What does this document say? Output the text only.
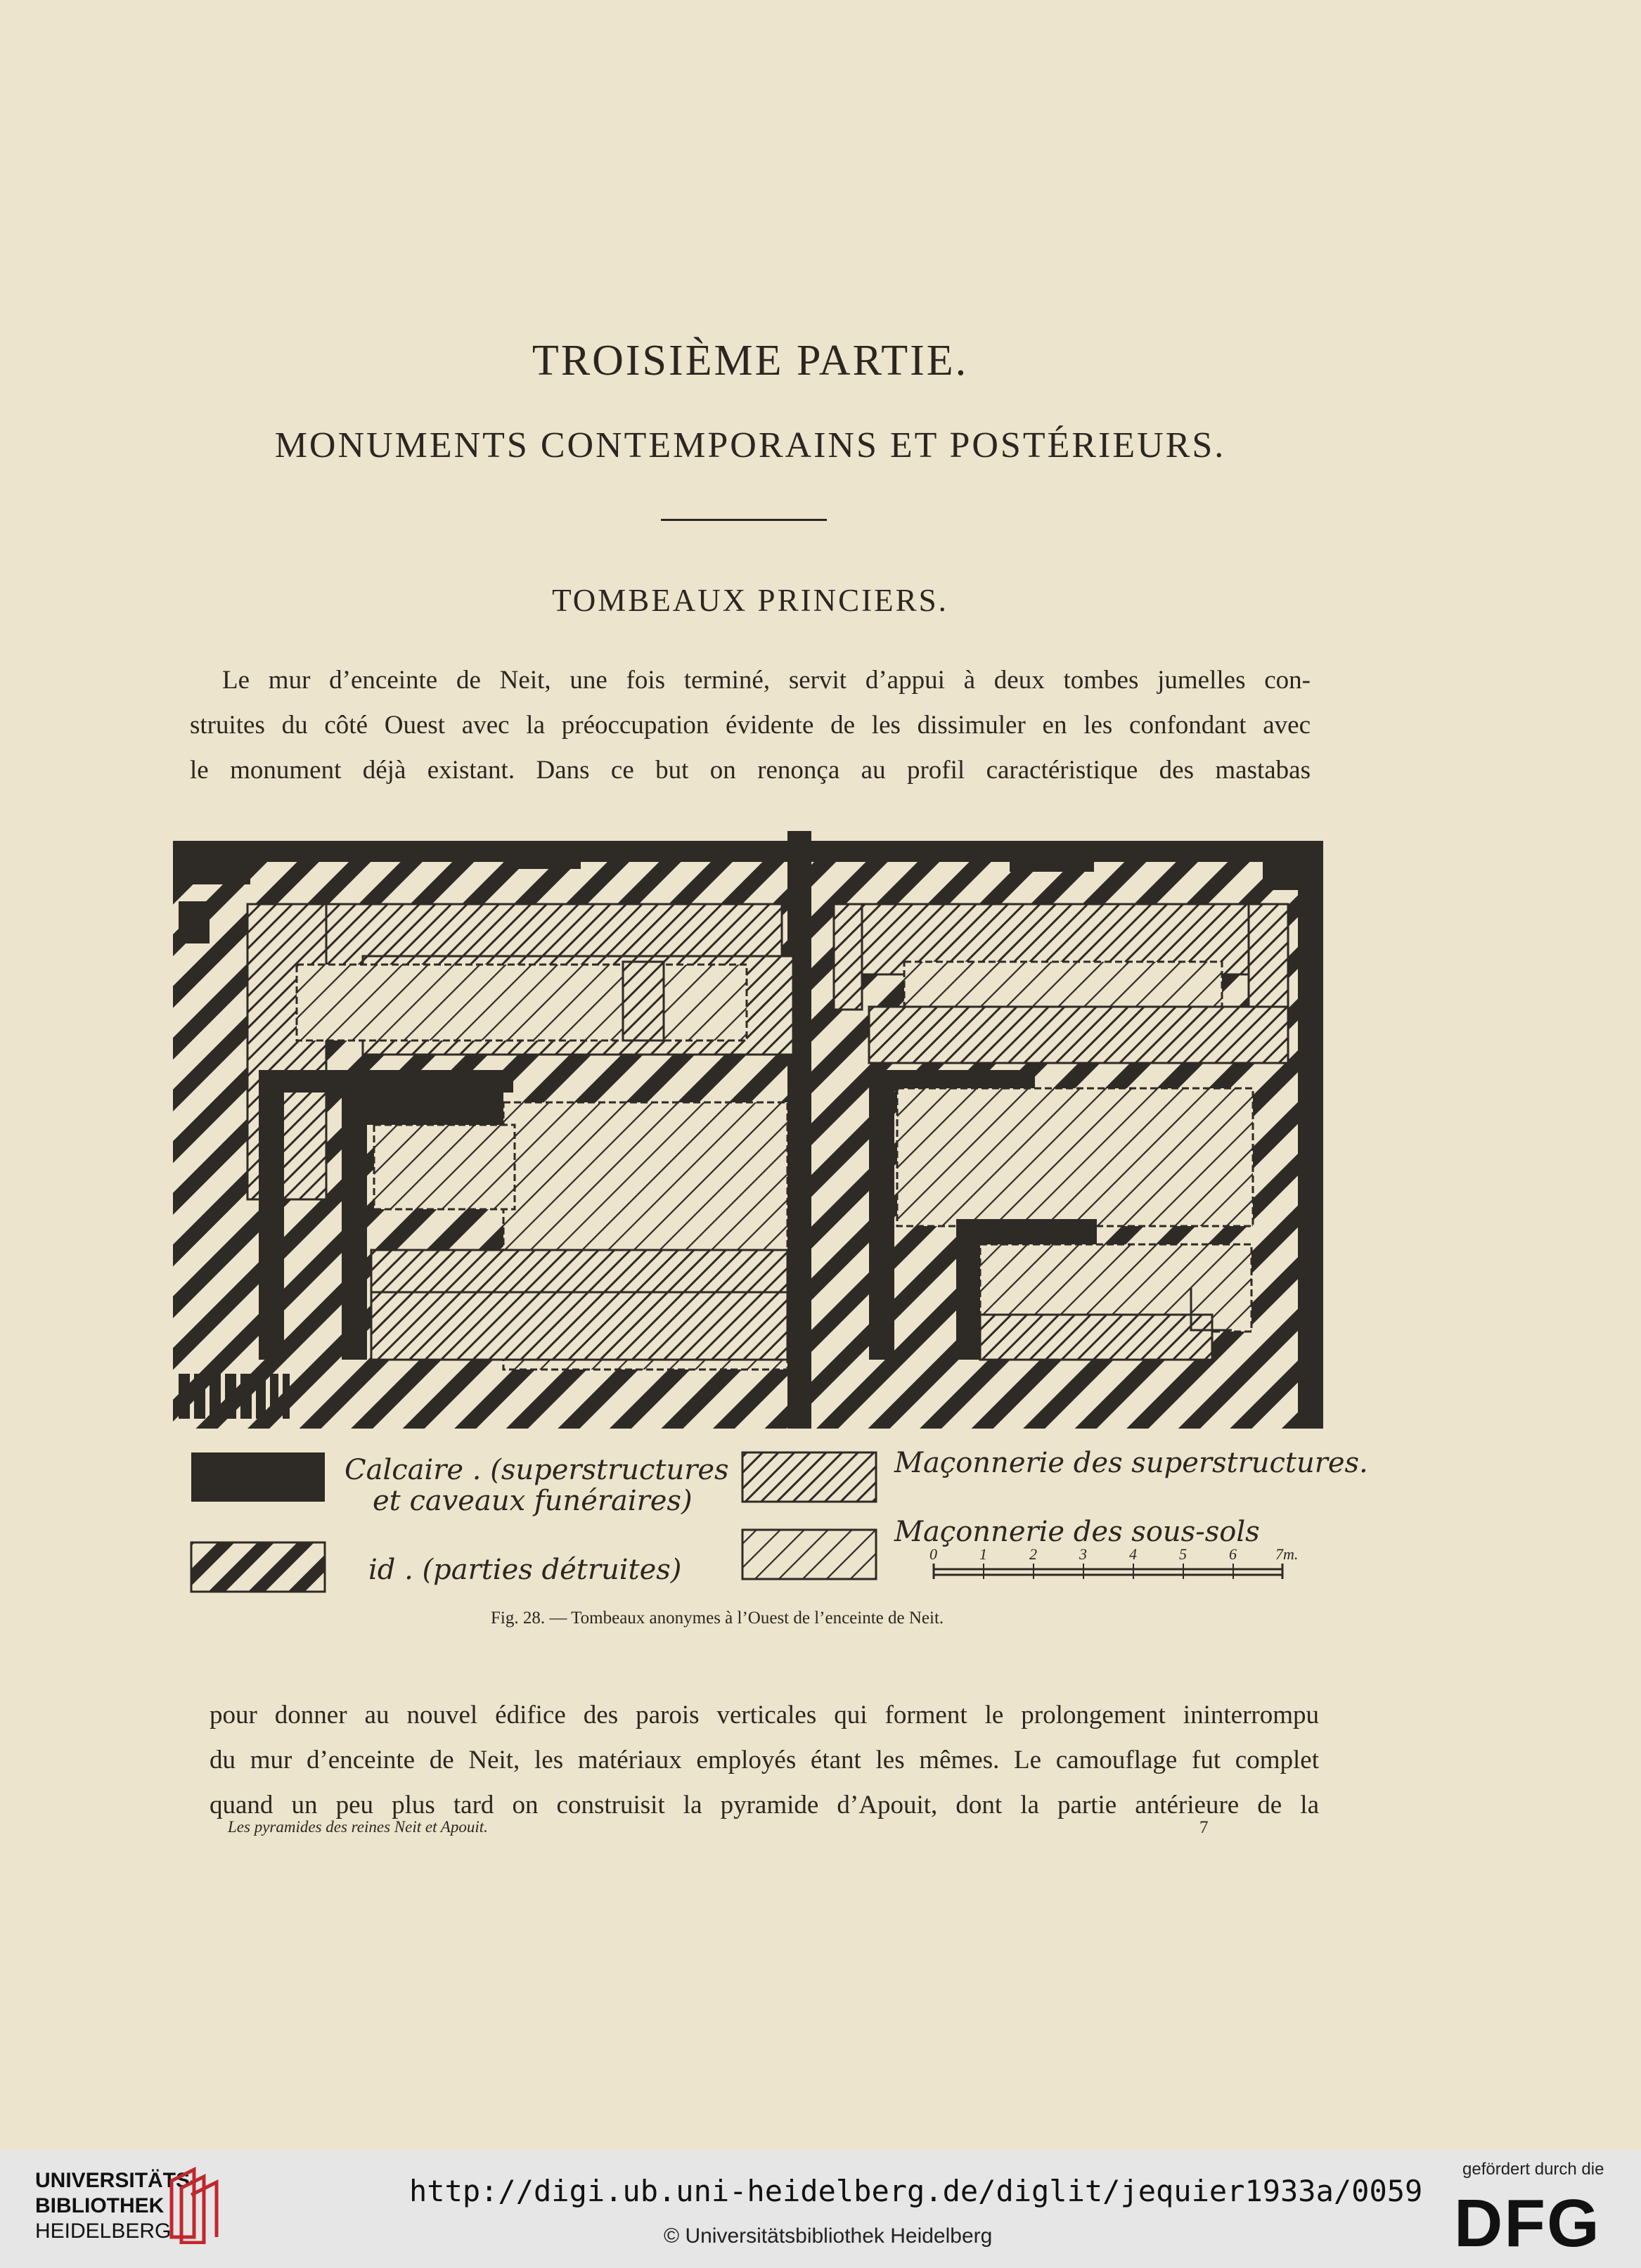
TROISIÈME PARTIE.
MONUMENTS CONTEMPORAINS ET POSTÉRIEURS.
TOMBEAUX PRINCIERS.
Le mur d’enceinte de Neit, une fois terminé, servit d’appui à deux tombes jumelles con-
struites du côté Ouest avec la préoccupation évidente de les dissimuler en les confondant avec
le monument déjà existant. Dans ce but on renonça au profil caractéristique des mastabas
Calcaire . (superstructures
et caveaux funéraires)
id . (parties détruites)
Maçonnerie des superstructures.
Maçonnerie des sous-sols
0	1	2	3	4	5	6	7m.
Fig. 28. — Tombeaux anonymes à l’Ouest de l’enceinte de Neit.
pour donner au nouvel édifice des parois verticales qui forment le prolongement ininterrompu
du mur d’enceinte de Neit, les matériaux employés étant les mêmes. Le camouflage fut complet
quand un peu plus tard on construisit la pyramide d’Apouit, dont la partie antérieure de la
Les pyramides des reines Neit et Apouit.	7
UNIVERSITÄTS-
BIBLIOTHEK
HEIDELBERG
http://digi.ub.uni-heidelberg.de/diglit/jequier1933a/0059
© Universitätsbibliothek Heidelberg
gefördert durch die
DFG
